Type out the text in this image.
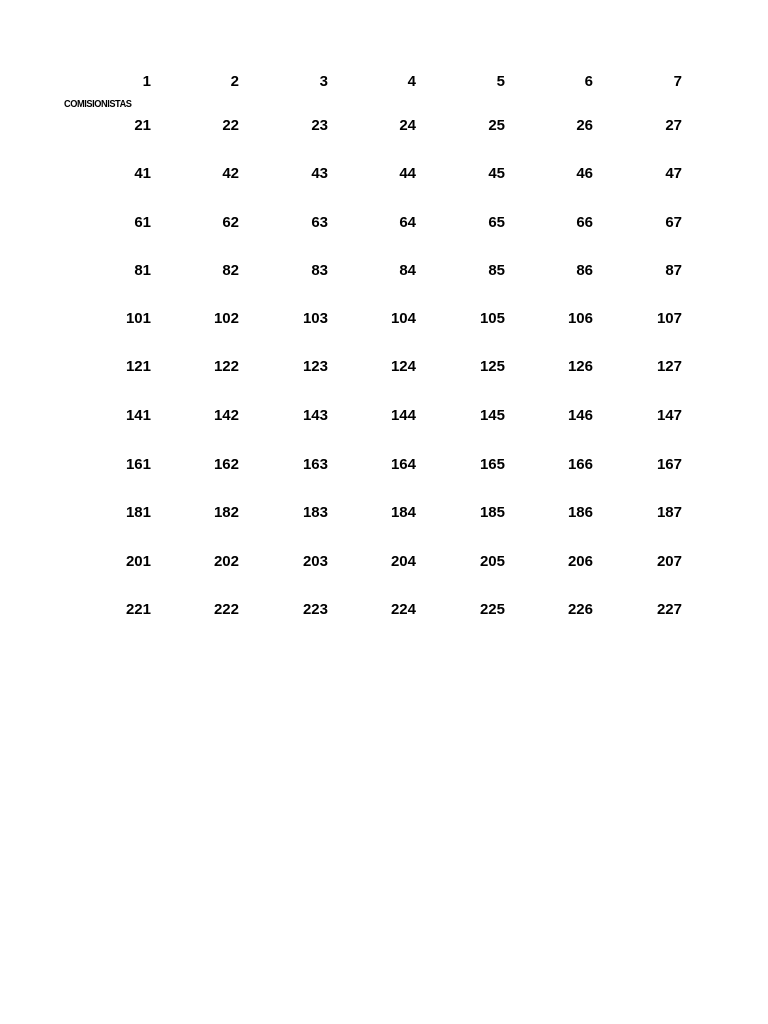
COMISIONISTAS
1	2	3	4	5	6	7
21	22	23	24	25	26	27
41	42	43	44	45	46	47
61	62	63	64	65	66	67
81	82	83	84	85	86	87
101	102	103	104	105	106	107
121	122	123	124	125	126	127
141	142	143	144	145	146	147
161	162	163	164	165	166	167
181	182	183	184	185	186	187
201	202	203	204	205	206	207
221	222	223	224	225	226	227
